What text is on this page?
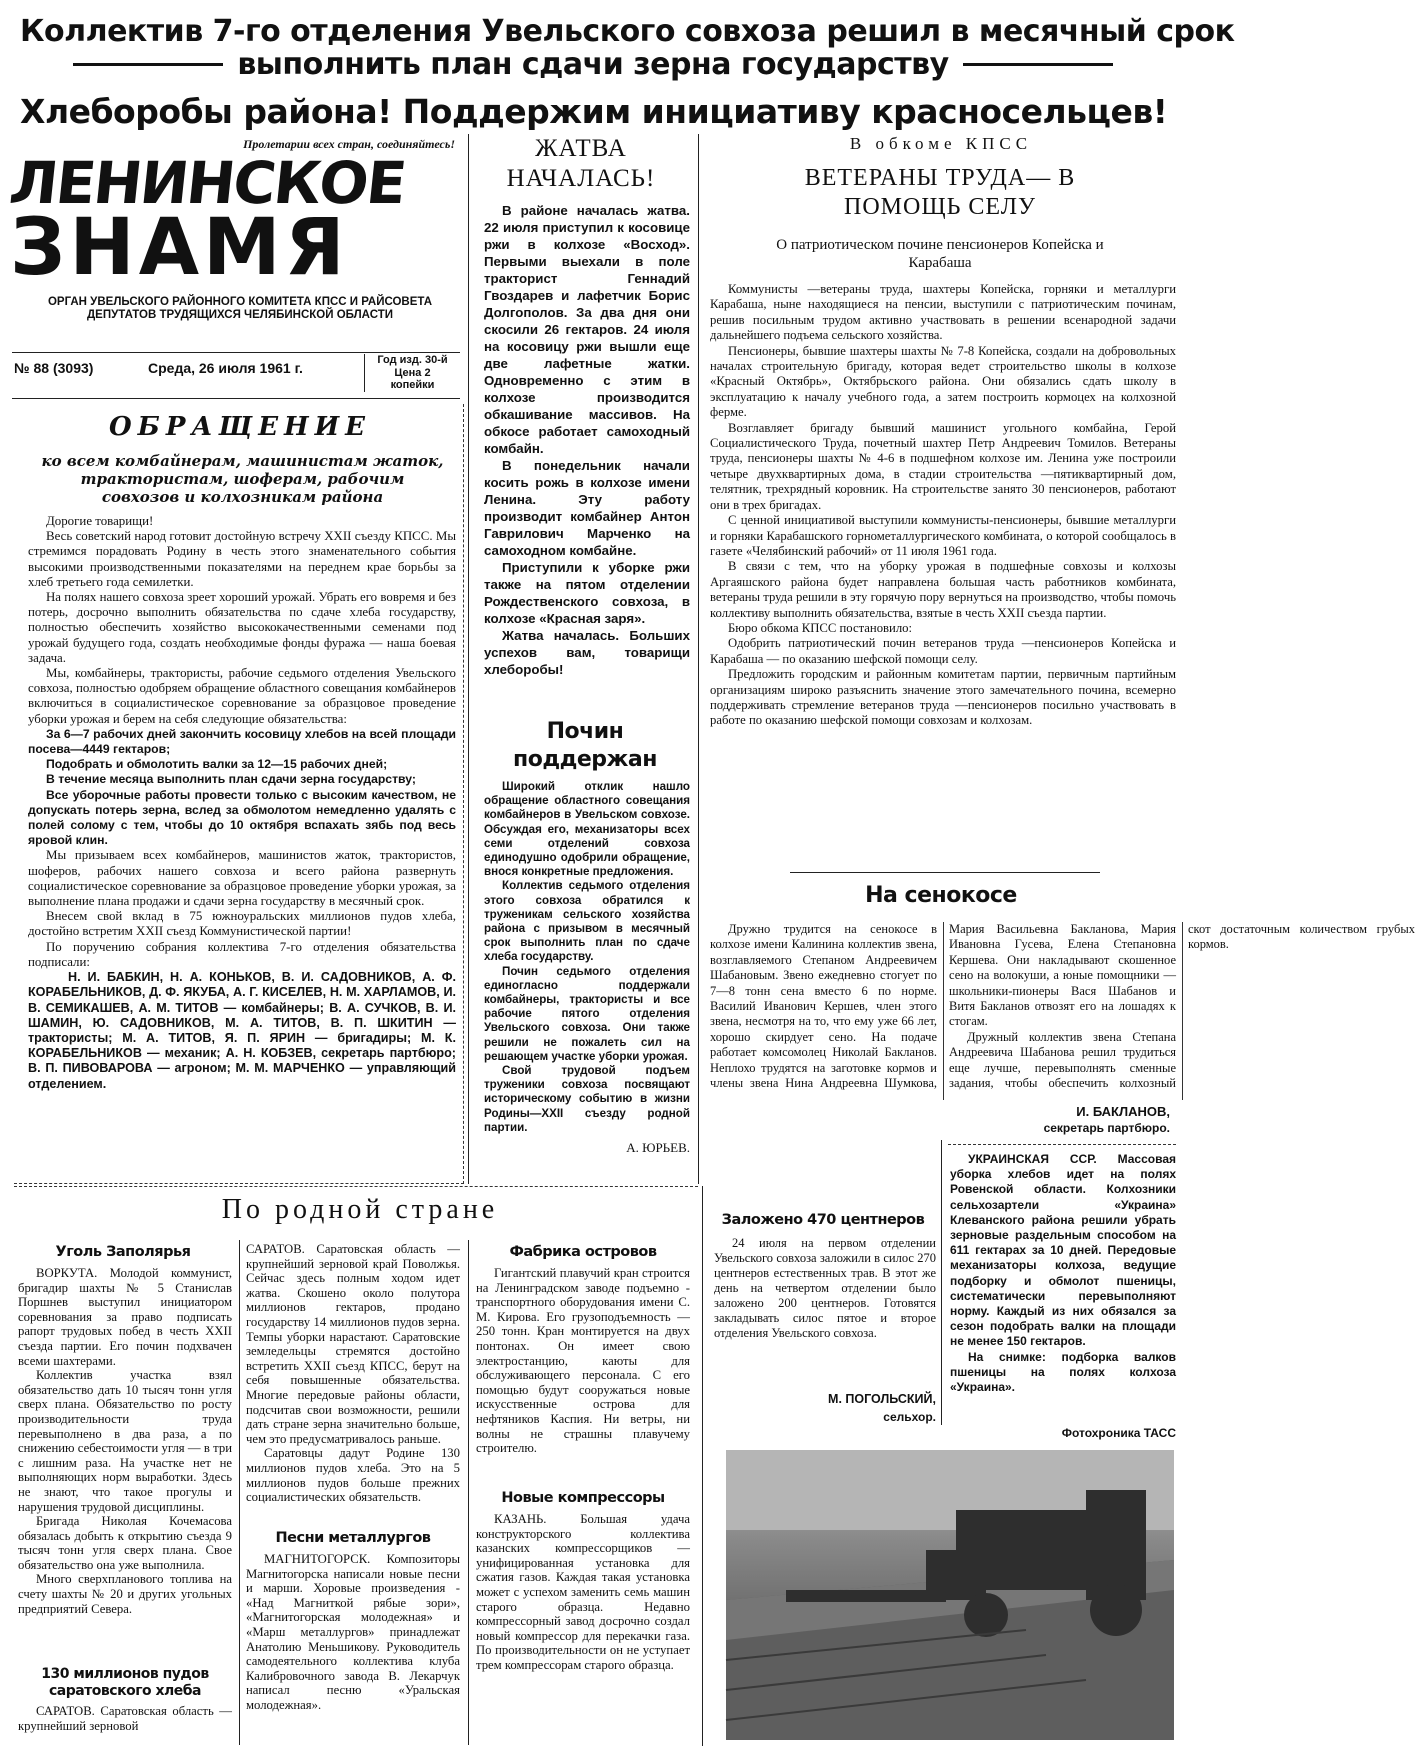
Коллектив 7-го отделения Увельского совхоза решил в месячный срок
выполнить план сдачи зерна государству
Хлеборобы района! Поддержим инициативу красносельцев!
Пролетарии всех стран, соединяйтесь!
ЛЕНИНСКОЕ
ЗНАМЯ
ОРГАН УВЕЛЬСКОГО РАЙОННОГО КОМИТЕТА КПСС И РАЙСОВЕТА ДЕПУТАТОВ ТРУДЯЩИХСЯ ЧЕЛЯБИНСКОЙ ОБЛАСТИ
№ 88 (3093)	Среда, 26 июля 1961 г.	Год изд. 30-й
Цена 2 копейки
ОБРАЩЕНИЕ
ко всем комбайнерам, машинистам жаток, трактористам, шоферам, рабочим совхозов и колхозникам района

Дорогие товарищи!

Весь советский народ готовит достойную встречу XXII съезду КПСС. Мы стремимся порадовать Родину в честь этого знаменательного события высокими производственными показателями на переднем крае борьбы за хлеб третьего года семилетки.

На полях нашего совхоза зреет хороший урожай. Убрать его вовремя и без потерь, досрочно выполнить обязательства по сдаче хлеба государству, полностью обеспечить хозяйство высококачественными семенами под урожай будущего года, создать необходимые фонды фуража — наша боевая задача.

Мы, комбайнеры, трактористы, рабочие седьмого отделения Увельского совхоза, полностью одобряем обращение областного совещания комбайнеров включиться в социалистическое соревнование за образцовое проведение уборки урожая и берем на себя следующие обязательства:

За 6—7 рабочих дней закончить косовицу хлебов на всей площади посева—4449 гектаров;

Подобрать и обмолотить валки за 12—15 рабочих дней;

В течение месяца выполнить план сдачи зерна государству;

Все уборочные работы провести только с высоким качеством, не допускать потерь зерна, вслед за обмолотом немедленно удалять с полей солому с тем, чтобы до 10 октября вспахать зябь под весь яровой клин.

Мы призываем всех комбайнеров, машинистов жаток, трактористов, шоферов, рабочих нашего совхоза и всего района развернуть социалистическое соревнование за образцовое проведение уборки урожая, за выполнение плана продажи и сдачи зерна государству в месячный срок.

Внесем свой вклад в 75 южноуральских миллионов пудов хлеба, достойно встретим XXII съезд Коммунистической партии!

По поручению собрания коллектива 7-го отделения обязательства подписали:

Н. И. БАБКИН, Н. А. КОНЬКОВ, В. И. САДОВНИКОВ, А. Ф. КОРАБЕЛЬНИКОВ, Д. Ф. ЯКУБА, А. Г. КИСЕЛЕВ, Н. М. ХАРЛАМОВ, И. В. СЕМИКАШЕВ, А. М. ТИТОВ — комбайнеры; В. А. СУЧКОВ, В. И. ШАМИН, Ю. САДОВНИКОВ, М. А. ТИТОВ, В. П. ШКИТИН — трактористы; М. А. ТИТОВ, Я. П. ЯРИН — бригадиры; М. К. КОРАБЕЛЬНИКОВ — механик; А. Н. КОБЗЕВ, секретарь партбюро; В. П. ПИВОВАРОВА — агроном; М. М. МАРЧЕНКО — управляющий отделением.
ЖАТВА НАЧАЛАСЬ!

В районе началась жатва. 22 июля приступил к косовице ржи в колхозе «Восход». Первыми выехали в поле тракторист Геннадий Гвоздарев и лафетчик Борис Долгополов. За два дня они скосили 26 гектаров. 24 июля на косовицу ржи вышли еще две лафетные жатки. Одновременно с этим в колхозе производится обкашивание массивов. На обкосе работает самоходный комбайн.

В понедельник начали косить рожь в колхозе имени Ленина. Эту работу производит комбайнер Антон Гаврилович Марченко на самоходном комбайне.

Приступили к уборке ржи также на пятом отделении Рождественского совхоза, в колхозе «Красная заря».

Жатва началась. Больших успехов вам, товарищи хлеборобы!

Почин поддержан

Широкий отклик нашло обращение областного совещания комбайнеров в Увельском совхозе. Обсуждая его, механизаторы всех семи отделений совхоза единодушно одобрили обращение, внося конкретные предложения.

Коллектив седьмого отделения этого совхоза обратился к труженикам сельского хозяйства района с призывом в месячный срок выполнить план по сдаче хлеба государству.

Почин седьмого отделения единогласно поддержали комбайнеры, трактористы и все рабочие пятого отделения Увельского совхоза. Они также решили не пожалеть сил на решающем участке уборки урожая.

Свой трудовой подъем труженики совхоза посвящают историческому событию в жизни Родины—XXII съезду родной партии.

А. ЮРЬЕВ.
В обкоме КПСС
ВЕТЕРАНЫ ТРУДА— В ПОМОЩЬ СЕЛУ
О патриотическом почине пенсионеров Копейска и Карабаша

Коммунисты —ветераны труда, шахтеры Копейска, горняки и металлурги Карабаша, ныне находящиеся на пенсии, выступили с патриотическим починам, решив посильным трудом активно участвовать в решении всенародной задачи дальнейшего подъема сельского хозяйства.

Пенсионеры, бывшие шахтеры шахты № 7-8 Копейска, создали на добровольных началах строительную бригаду, которая ведет строительство школы в колхозе «Красный Октябрь», Октябрьского района. Они обязались сдать школу в эксплуатацию к началу учебного года, а затем построить кормоцех на колхозной ферме.

Возглавляет бригаду бывший машинист угольного комбайна, Герой Социалистического Труда, почетный шахтер Петр Андреевич Томилов. Ветераны труда, пенсионеры шахты № 4-6 в подшефном колхозе им. Ленина уже построили четыре двухквартирных дома, в стадии строительства —пятиквартирный дом, телятник, трехрядный коровник. На строительстве занято 30 пенсионеров, работают они в трех бригадах.

С ценной инициативой выступили коммунисты-пенсионеры, бывшие металлурги и горняки Карабашского горнометаллургического комбината, о которой сообщалось в газете «Челябинский рабочий» от 11 июля 1961 года.

В связи с тем, что на уборку урожая в подшефные совхозы и колхозы Аргаяшского района будет направлена большая часть работников комбината, ветераны труда решили в эту горячую пору вернуться на производство, чтобы помочь коллективу выполнить обязательства, взятые в честь XXII съезда партии.

Бюро обкома КПСС постановило:

Одобрить патриотический почин ветеранов труда —пенсионеров Копейска и Карабаша — по оказанию шефской помощи селу.

Предложить городским и районным комитетам партии, первичным партийным организациям широко разъяснить значение этого замечательного почина, всемерно поддерживать стремление ветеранов труда —пенсионеров посильно участвовать в работе по оказанию шефской помощи совхозам и колхозам.

На сенокосе

Дружно трудится на сенокосе в колхозе имени Калинина коллектив звена, возглавляемого Степаном Андреевичем Шабановым. Звено ежедневно стогует по 7—8 тонн сена вместо 6 по норме. Василий Иванович Кершев, член этого звена, несмотря на то, что ему уже 66 лет, хорошо скирдует сено. На подаче работает комсомолец Николай Бакланов. Неплохо трудятся на заготовке кормов и члены звена Нина Андреевна Шумкова, Мария Васильевна Бакланова, Мария Ивановна Гусева, Елена Степановна Кершева. Они накладывают скошенное сено на волокуши, а юные помощники — школьники-пионеры Вася Шабанов и Витя Бакланов отвозят его на лошадях к стогам.

Дружный коллектив звена Степана Андреевича Шабанова решил трудиться еще лучше, перевыполнять сменные задания, чтобы обеспечить колхозный скот достаточным количеством грубых кормов.

И. БАКЛАНОВ,
секретарь партбюро.

УКРАИНСКАЯ ССР. Массовая уборка хлебов идет на полях Ровенской области. Колхозники сельхозартели «Украина» Клеванского района решили убрать зерновые раздельным способом на 611 гектарах за 10 дней. Передовые механизаторы колхоза, ведущие подборку и обмолот пшеницы, систематически перевыполняют норму. Каждый из них обязался за сезон подобрать валки на площади не менее 150 гектаров.

На снимке: подборка валков пшеницы на полях колхоза «Украина».

Фотохроника ТАСС
Заложено 470 центнеров

24 июля на первом отделении Увельского совхоза заложили в силос 270 центнеров естественных трав. В этот же день на четвертом отделении было заложено 200 центнеров. Готовятся закладывать силос пятое и второе отделения Увельского совхоза.

М. ПОГОЛЬСКИЙ,
сельхор.
По родной стране
Уголь Заполярья

ВОРКУТА. Молодой коммунист, бригадир шахты № 5 Станислав Поршнев выступил инициатором соревнования за право подписать рапорт трудовых побед в честь XXII съезда партии. Его почин подхвачен всеми шахтерами.

Коллектив участка взял обязательство дать 10 тысяч тонн угля сверх плана. Обязательство по росту производительности труда перевыполнено в два раза, а по снижению себестоимости угля — в три с лишним раза. На участке нет не выполняющих норм выработки. Здесь не знают, что такое прогулы и нарушения трудовой дисциплины.

Бригада Николая Кочемасова обязалась добыть к открытию съезда 9 тысяч тонн угля сверх плана. Свое обязательство она уже выполнила.

Много сверхпланового топлива на счету шахты № 20 и других угольных предприятий Севера.

130 миллионов пудов саратовского хлеба

САРАТОВ. Саратовская область — крупнейший зерновой

САРАТОВ. Саратовская область — крупнейший зерновой край Поволжья. Сейчас здесь полным ходом идет жатва. Скошено около полутора миллионов гектаров, продано государству 14 миллионов пудов зерна. Темпы уборки нарастают. Саратовские земледельцы стремятся достойно встретить XXII съезд КПСС, берут на себя повышенные обязательства. Многие передовые районы области, подсчитав свои возможности, решили дать стране зерна значительно больше, чем это предусматривалось раньше.

Саратовцы дадут Родине 130 миллионов пудов хлеба. Это на 5 миллионов пудов больше прежних социалистических обязательств.

Песни металлургов

МАГНИТОГОРСК. Композиторы Магнитогорска написали новые песни и марши. Хоровые произведения - «Над Магниткой рябые зори», «Магнитогорская молодежная» и «Марш металлургов» принадлежат Анатолию Меньшикову. Руководитель самодеятельного коллектива клуба Калибровочного завода В. Лекарчук написал песню «Уральская молодежная».

Фабрика островов

Гигантский плавучий кран строится на Ленинградском заводе подъемно - транспортного оборудования имени С. М. Кирова. Его грузоподъемность — 250 тонн. Кран монтируется на двух понтонах. Он имеет свою электростанцию, каюты для обслуживающего персонала. С его помощью будут сооружаться новые искусственные острова для нефтяников Каспия. Ни ветры, ни волны не страшны плавучему строителю.

Новые компрессоры

КАЗАНЬ. Большая удача конструкторского коллектива казанских компрессорщиков — унифицированная установка для сжатия газов. Каждая такая установка может с успехом заменить семь машин старого образца. Недавно компрессорный завод досрочно создал новый компрессор для перекачки газа. По производительности он не уступает трем компрессорам старого образца.
